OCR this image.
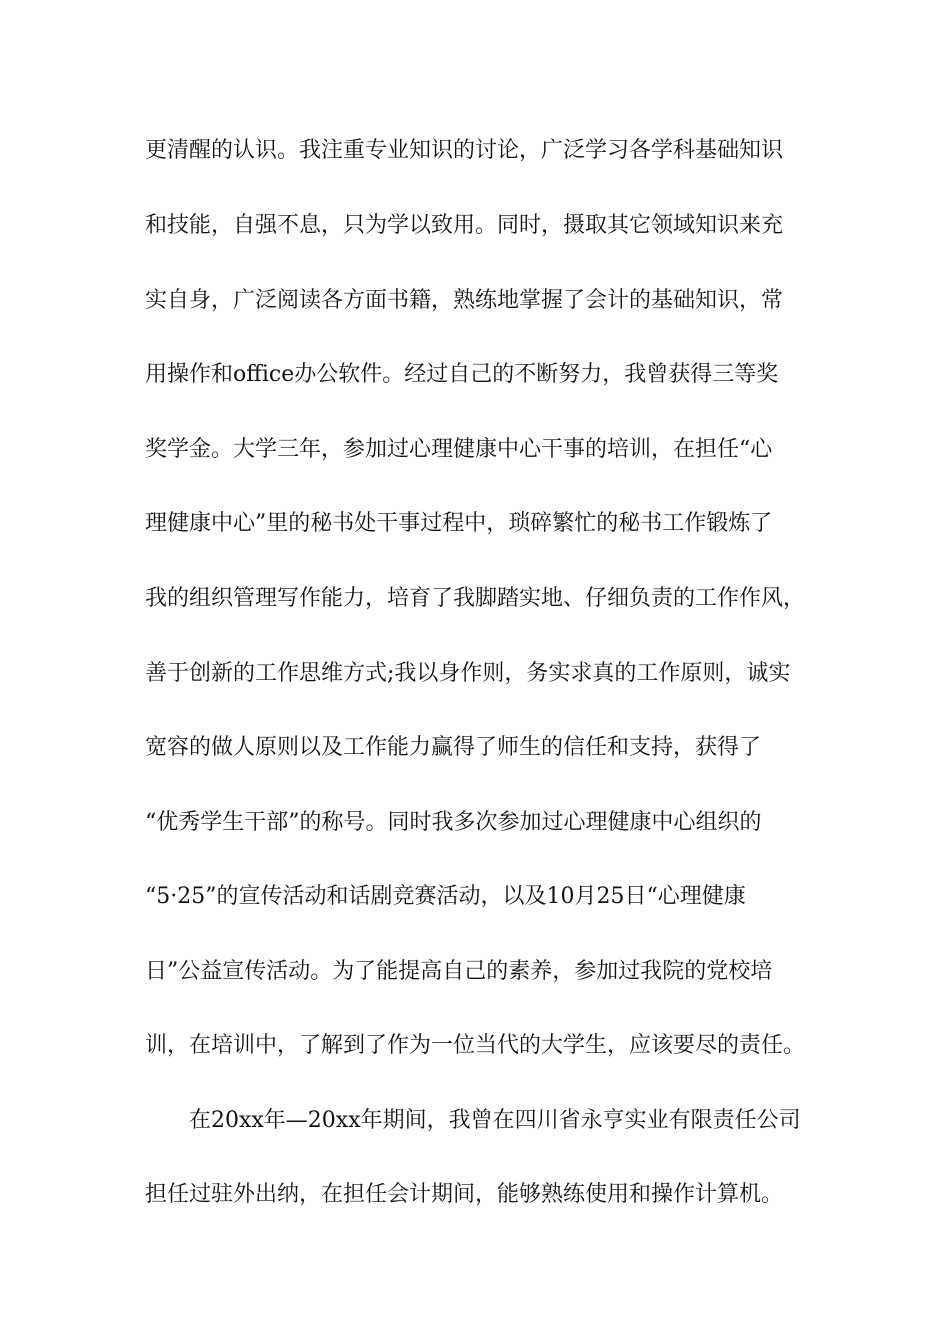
更清醒的认识。我注重专业知识的讨论，广泛学习各学科基础知识
和技能，自强不息，只为学以致用。同时，摄取其它领域知识来充
实自身，广泛阅读各方面书籍，熟练地掌握了会计的基础知识，常
用操作和office办公软件。经过自己的不断努力，我曾获得三等奖
奖学金。大学三年，参加过心理健康中心干事的培训，在担任“心
理健康中心”里的秘书处干事过程中，琐碎繁忙的秘书工作锻炼了
我的组织管理写作能力，培育了我脚踏实地、仔细负责的工作作风，
善于创新的工作思维方式;我以身作则，务实求真的工作原则，诚实
宽容的做人原则以及工作能力赢得了师生的信任和支持，获得了
“优秀学生干部”的称号。同时我多次参加过心理健康中心组织的
“5·25”的宣传活动和话剧竞赛活动，以及10月25日“心理健康
日”公益宣传活动。为了能提高自己的素养，参加过我院的党校培
训，在培训中，了解到了作为一位当代的大学生，应该要尽的责任。
在20xx年—20xx年期间，我曾在四川省永亨实业有限责任公司
担任过驻外出纳，在担任会计期间，能够熟练使用和操作计算机。
